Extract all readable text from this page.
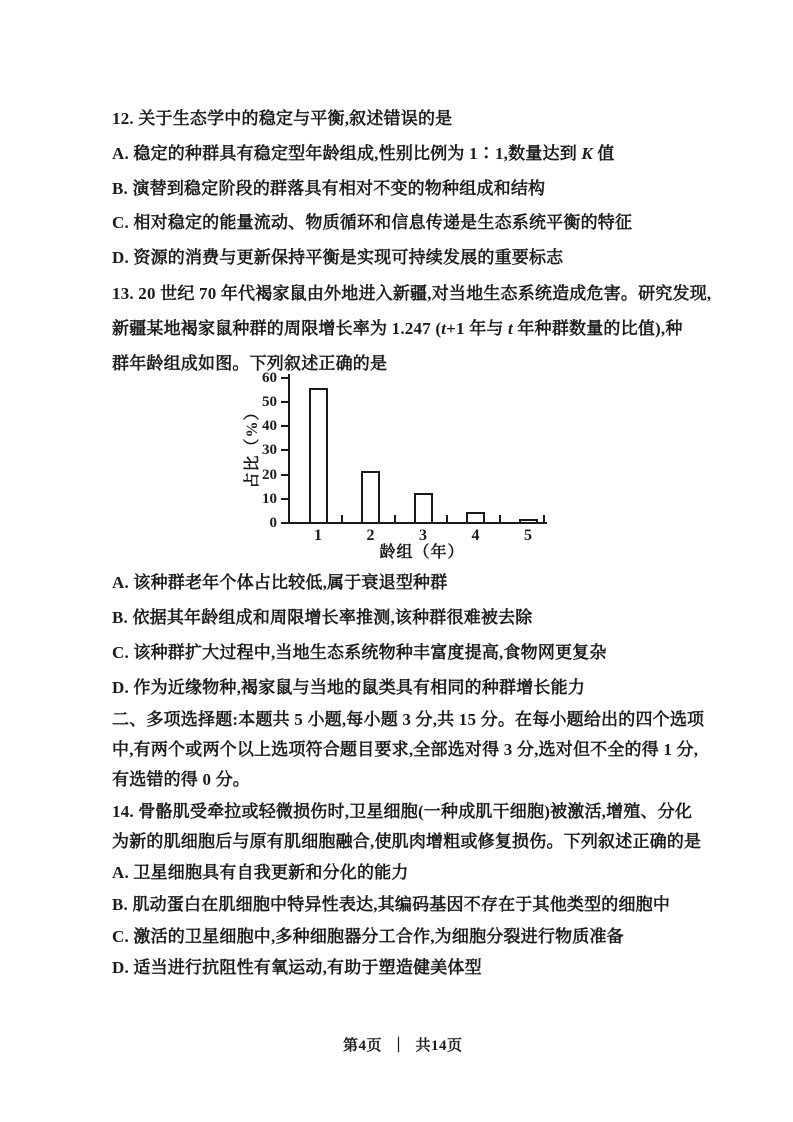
12. 关于生态学中的稳定与平衡,叙述错误的是
A. 稳定的种群具有稳定型年龄组成,性别比例为 1∶1,数量达到 K 值
B. 演替到稳定阶段的群落具有相对不变的物种组成和结构
C. 相对稳定的能量流动、物质循环和信息传递是生态系统平衡的特征
D. 资源的消费与更新保持平衡是实现可持续发展的重要标志
13. 20 世纪 70 年代褐家鼠由外地进入新疆,对当地生态系统造成危害。研究发现,
新疆某地褐家鼠种群的周限增长率为 1.247 (t+1 年与 t 年种群数量的比值),种
群年龄组成如图。下列叙述正确的是
占比（%）
龄组（年）
0
10
20
30
40
50
60
1	2	3	4	5
A. 该种群老年个体占比较低,属于衰退型种群
B. 依据其年龄组成和周限增长率推测,该种群很难被去除
C. 该种群扩大过程中,当地生态系统物种丰富度提高,食物网更复杂
D. 作为近缘物种,褐家鼠与当地的鼠类具有相同的种群增长能力
二、多项选择题:本题共 5 小题,每小题 3 分,共 15 分。在每小题给出的四个选项
中,有两个或两个以上选项符合题目要求,全部选对得 3 分,选对但不全的得 1 分,
有选错的得 0 分。
14. 骨骼肌受牵拉或轻微损伤时,卫星细胞(一种成肌干细胞)被激活,增殖、分化
为新的肌细胞后与原有肌细胞融合,使肌肉增粗或修复损伤。下列叙述正确的是
A. 卫星细胞具有自我更新和分化的能力
B. 肌动蛋白在肌细胞中特异性表达,其编码基因不存在于其他类型的细胞中
C. 激活的卫星细胞中,多种细胞器分工合作,为细胞分裂进行物质准备
D. 适当进行抗阻性有氧运动,有助于塑造健美体型
第4页 ｜ 共14页
